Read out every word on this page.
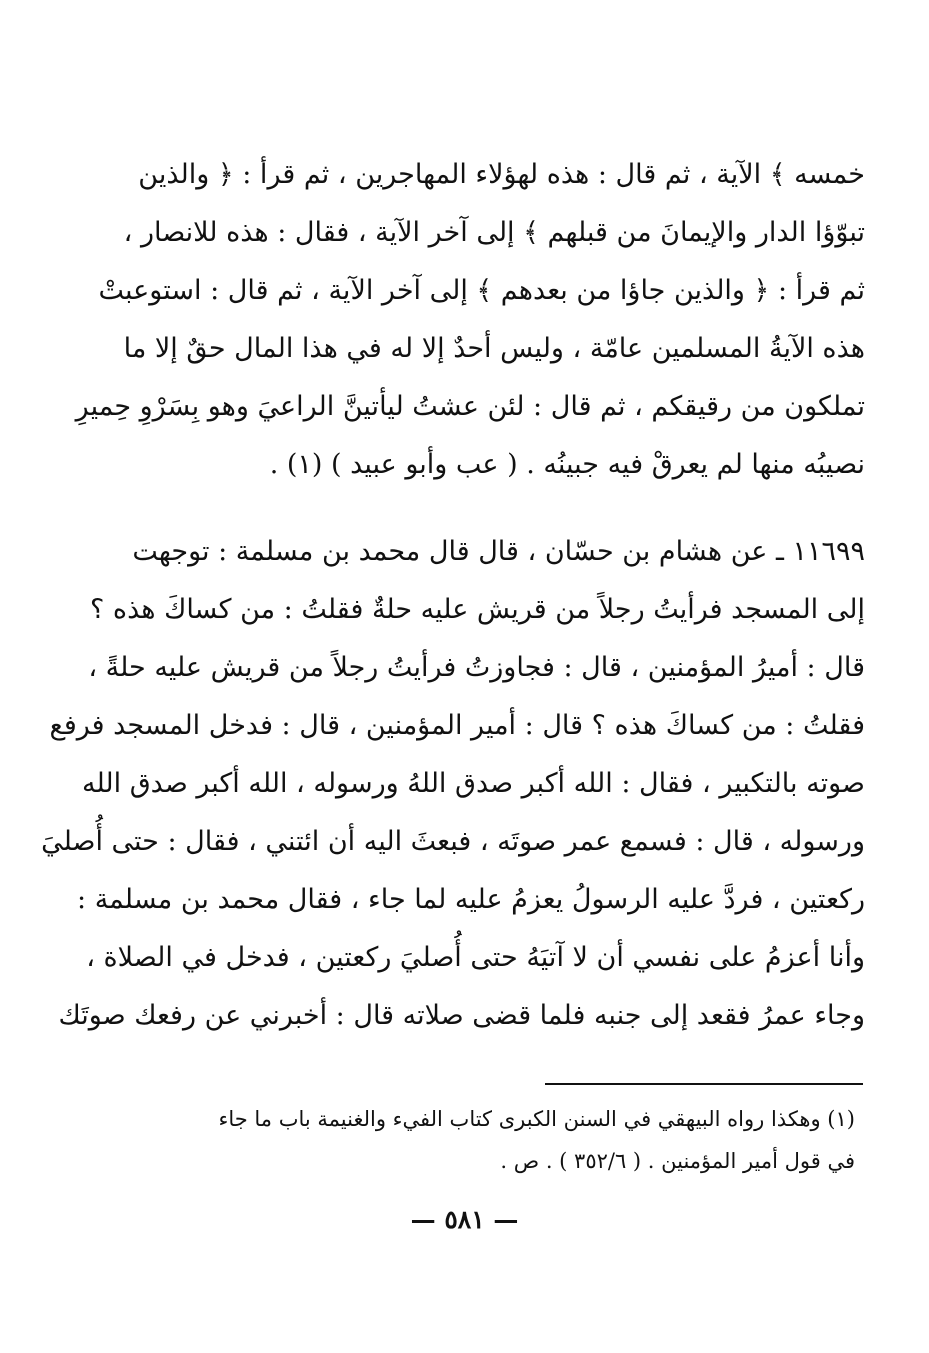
خمسه ﴾ الآية ، ثم قال : هذه لهؤلاء المهاجرين ، ثم قرأ : ﴿ والذين
تبوّؤا الدار والإيمانَ من قبلهم ﴾ إلى آخر الآية ، فقال : هذه للانصار ،
ثم قرأ : ﴿ والذين جاؤا من بعدهم ﴾ إلى آخر الآية ، ثم قال : استوعبتْ
هذه الآيةُ المسلمين عامّة ، وليس أحدٌ إلا له في هذا المال حقٌ إلا ما
تملكون من رقيقكم ، ثم قال : لئن عشتُ ليأتينَّ الراعيَ وهو بِسَرْوِ حِميرِ
نصيبُه منها لم يعرقْ فيه جبينُه . ( عب وأبو عبيد ) (١) .
١١٦٩٩ ـ عن هشام بن حسّان ، قال قال محمد بن مسلمة : توجهت
إلى المسجد فرأيتُ رجلاً من قريش عليه حلةٌ فقلتُ : من كساكَ هذه ؟
قال : أميرُ المؤمنين ، قال : فجاوزتُ فرأيتُ رجلاً من قريش عليه حلةً ،
فقلتُ : من كساكَ هذه ؟ قال : أمير المؤمنين ، قال : فدخل المسجد فرفع
صوته بالتكبير ، فقال : الله أكبر صدق اللهُ ورسوله ، الله أكبر صدق الله
ورسوله ، قال : فسمع عمر صوتَه ، فبعثَ اليه أن ائتني ، فقال : حتى أُصليَ
ركعتين ، فردَّ عليه الرسولُ يعزمُ عليه لما جاء ، فقال محمد بن مسلمة :
وأنا أعزمُ على نفسي أن لا آتيَهُ حتى أُصليَ ركعتين ، فدخل في الصلاة ،
وجاء عمرُ فقعد إلى جنبه فلما قضى صلاته قال : أخبرني عن رفعك صوتَك
(١) وهكذا رواه البيهقي في السنن الكبرى كتاب الفيء والغنيمة باب ما جاء
في قول أمير المؤمنين . ( ٣٥٢/٦ ) . ص .
— ٥٨١ —
